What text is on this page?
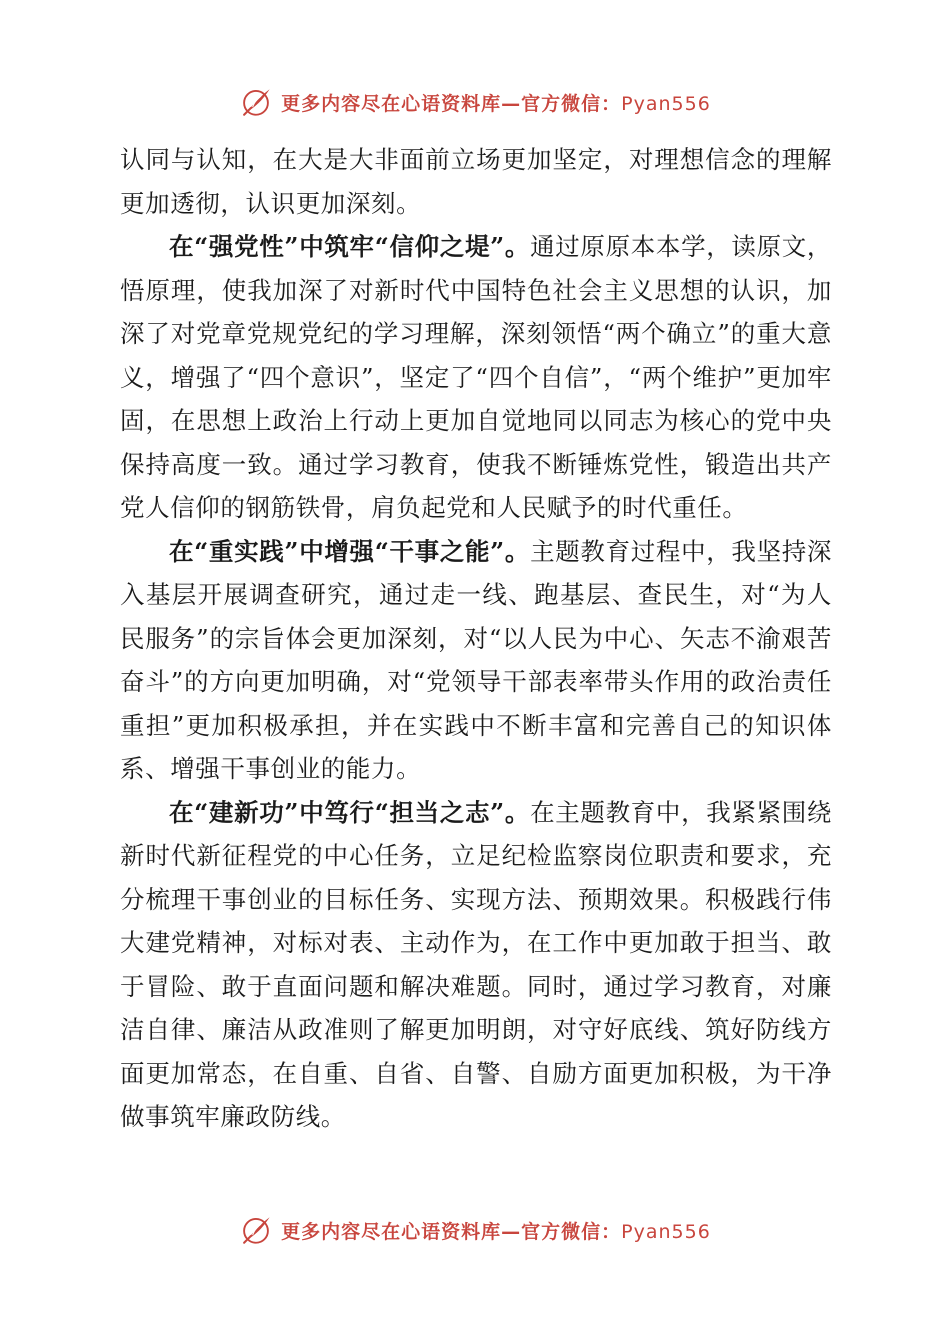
更多内容尽在心语资料库—官方微信：Pyan556

认同与认知，在大是大非面前立场更加坚定，对理想信念的理解更加透彻，认识更加深刻。

在“强党性”中筑牢“信仰之堤”。通过原原本本学，读原文，悟原理，使我加深了对新时代中国特色社会主义思想的认识，加深了对党章党规党纪的学习理解，深刻领悟“两个确立”的重大意义，增强了“四个意识”，坚定了“四个自信”，“两个维护”更加牢固，在思想上政治上行动上更加自觉地同以同志为核心的党中央保持高度一致。通过学习教育，使我不断锤炼党性，锻造出共产党人信仰的钢筋铁骨，肩负起党和人民赋予的时代重任。

在“重实践”中增强“干事之能”。主题教育过程中，我坚持深入基层开展调查研究，通过走一线、跑基层、查民生，对“为人民服务”的宗旨体会更加深刻，对“以人民为中心、矢志不渝艰苦奋斗”的方向更加明确，对“党领导干部表率带头作用的政治责任重担”更加积极承担，并在实践中不断丰富和完善自己的知识体系、增强干事创业的能力。

在“建新功”中笃行“担当之志”。在主题教育中，我紧紧围绕新时代新征程党的中心任务，立足纪检监察岗位职责和要求，充分梳理干事创业的目标任务、实现方法、预期效果。积极践行伟大建党精神，对标对表、主动作为，在工作中更加敢于担当、敢于冒险、敢于直面问题和解决难题。同时，通过学习教育，对廉洁自律、廉洁从政准则了解更加明朗，对守好底线、筑好防线方面更加常态，在自重、自省、自警、自励方面更加积极，为干净做事筑牢廉政防线。

更多内容尽在心语资料库—官方微信：Pyan556
